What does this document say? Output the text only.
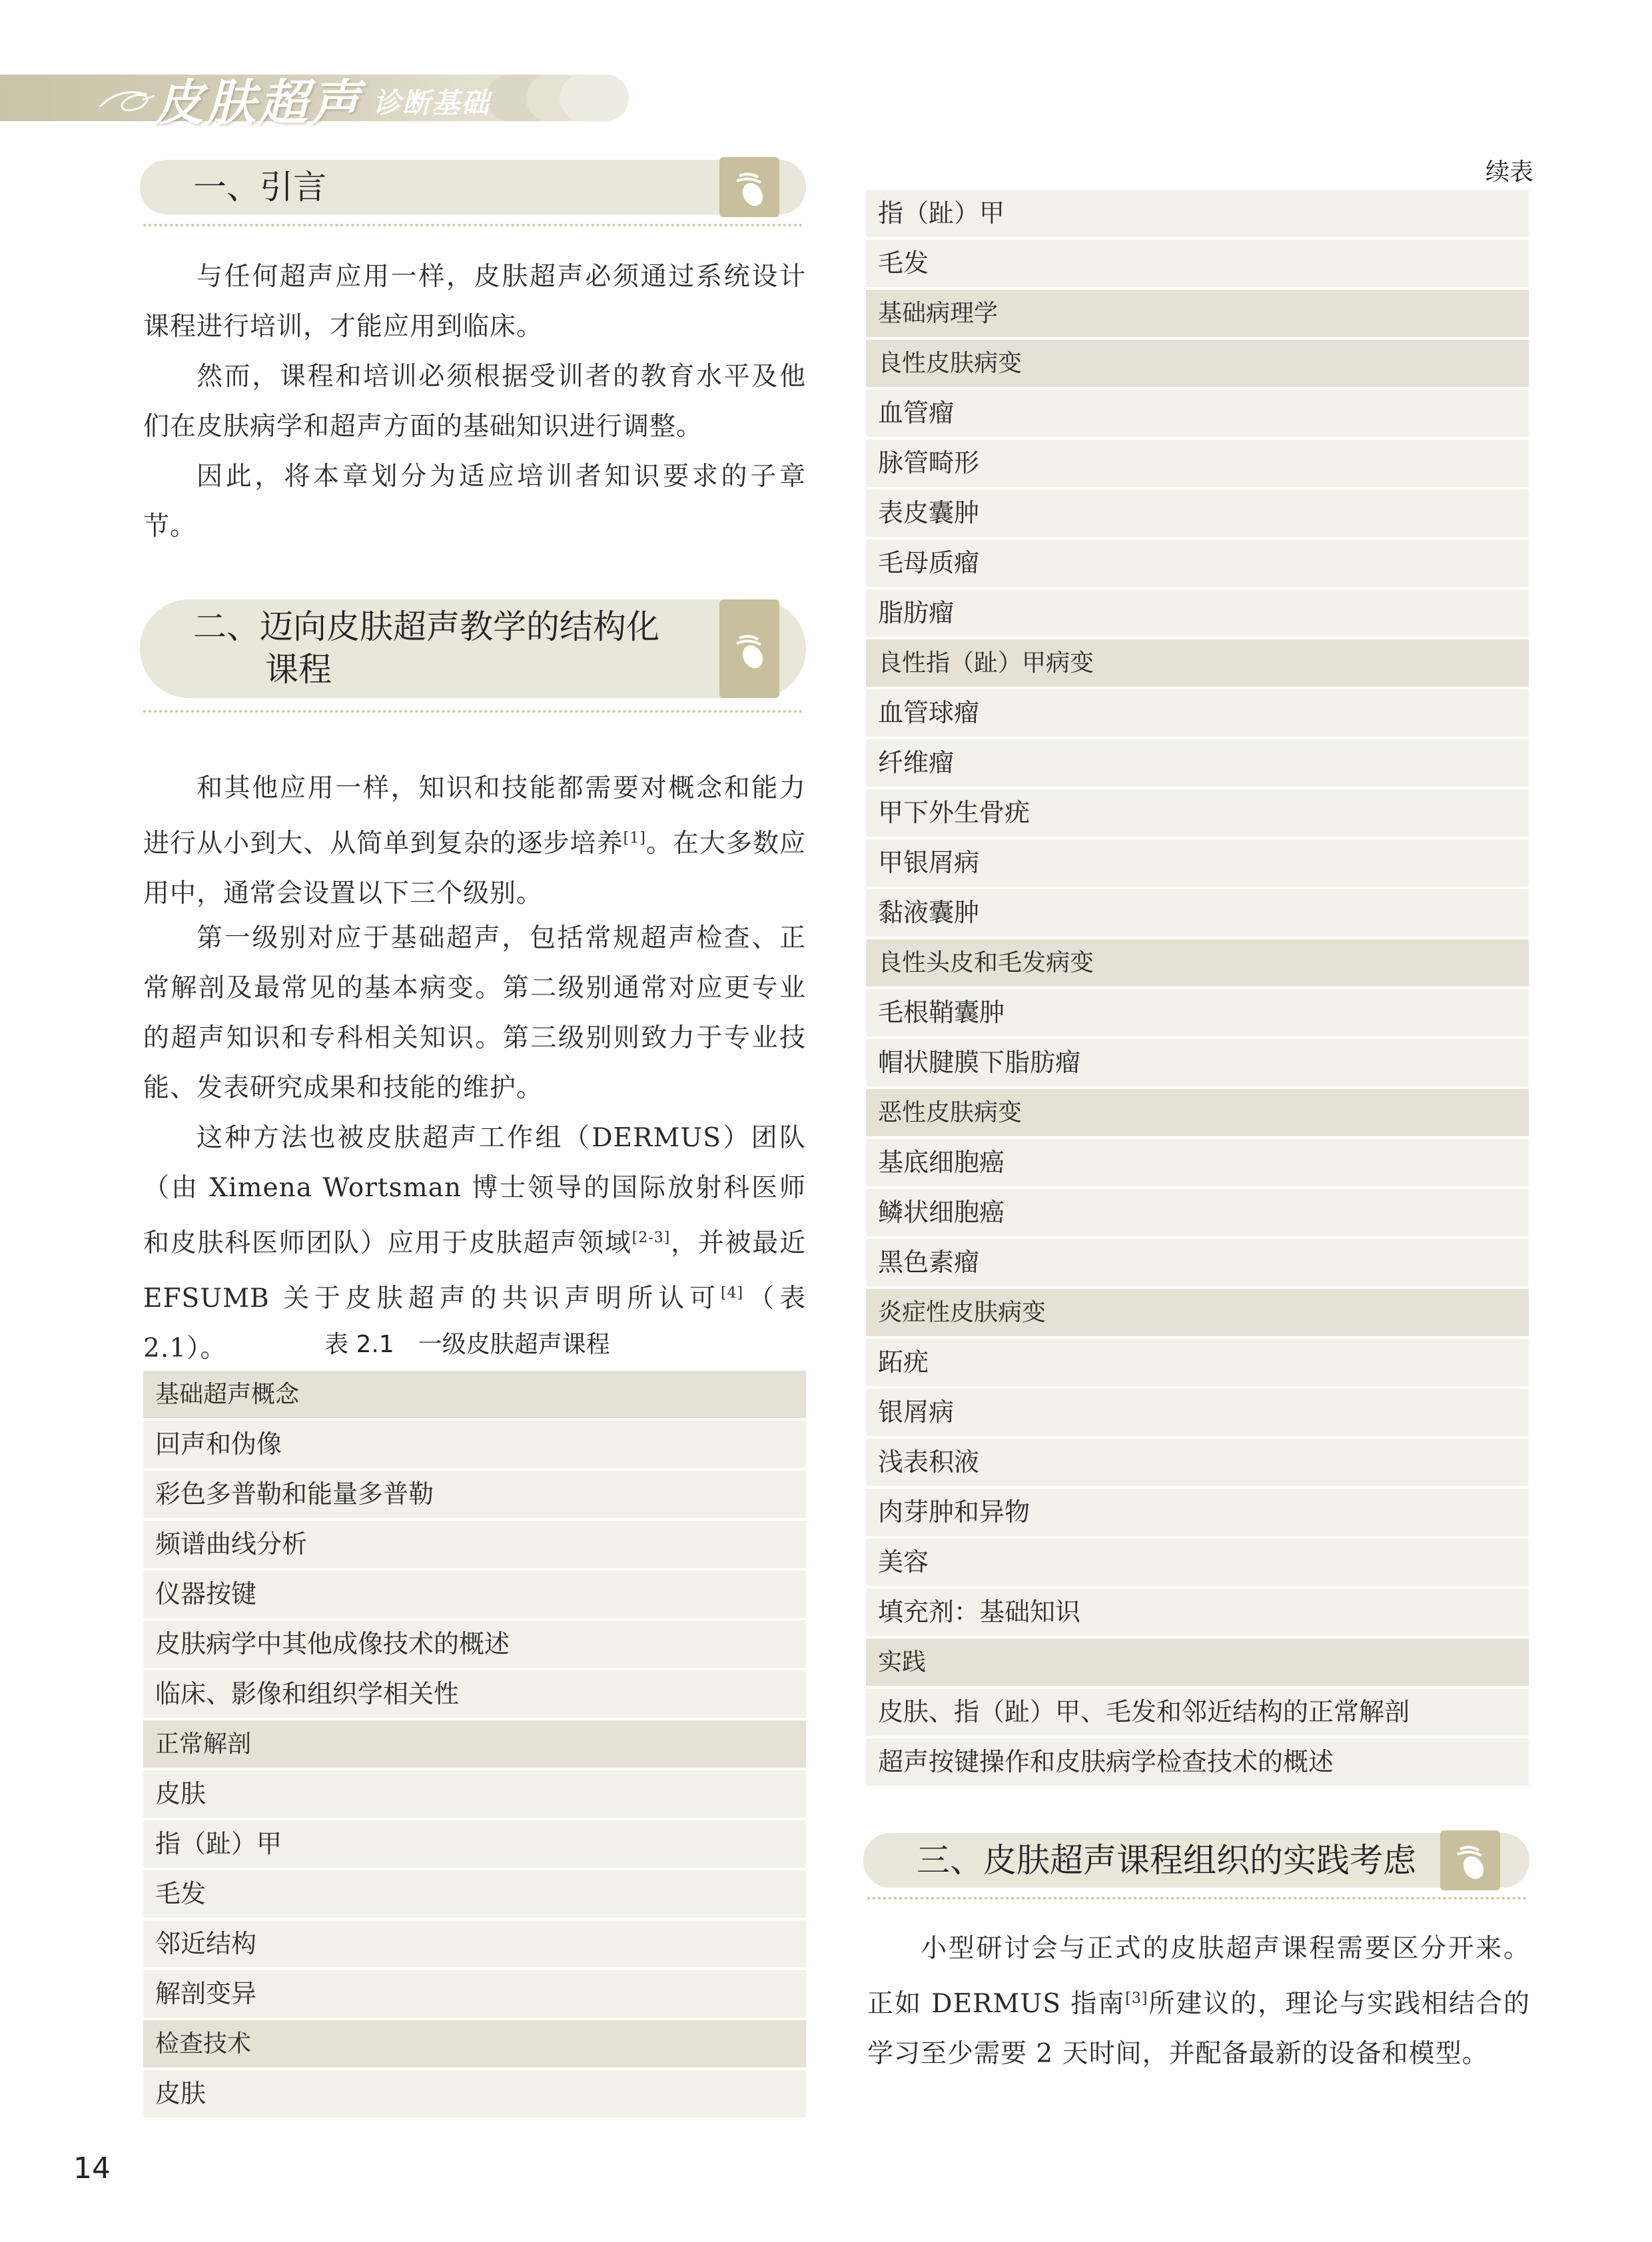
皮肤超声 诊断基础
一、引言

与任何超声应用一样，皮肤超声必须通过系统设计课程进行培训，才能应用到临床。

然而，课程和培训必须根据受训者的教育水平及他们在皮肤病学和超声方面的基础知识进行调整。

因此，将本章划分为适应培训者知识要求的子章节。

二、迈向皮肤超声教学的结构化
课程

和其他应用一样，知识和技能都需要对概念和能力进行从小到大、从简单到复杂的逐步培养[1]。在大多数应用中，通常会设置以下三个级别。

第一级别对应于基础超声，包括常规超声检查、正常解剖及最常见的基本病变。第二级别通常对应更专业的超声知识和专科相关知识。第三级别则致力于专业技能、发表研究成果和技能的维护。

这种方法也被皮肤超声工作组（DERMUS）团队（由 Ximena Wortsman 博士领导的国际放射科医师和皮肤科医师团队）应用于皮肤超声领域[2-3]，并被最近 EFSUMB 关于皮肤超声的共识声明所认可[4]（表 2.1）。	表 2.1　一级皮肤超声课程
基础超声概念
回声和伪像
彩色多普勒和能量多普勒
频谱曲线分析
仪器按键
皮肤病学中其他成像技术的概述
临床、影像和组织学相关性
正常解剖
皮肤
指（趾）甲
毛发
邻近结构
解剖变异
检查技术
皮肤
续表
指（趾）甲
毛发
基础病理学
良性皮肤病变
血管瘤
脉管畸形
表皮囊肿
毛母质瘤
脂肪瘤
良性指（趾）甲病变
血管球瘤
纤维瘤
甲下外生骨疣
甲银屑病
黏液囊肿
良性头皮和毛发病变
毛根鞘囊肿
帽状腱膜下脂肪瘤
恶性皮肤病变
基底细胞癌
鳞状细胞癌
黑色素瘤
炎症性皮肤病变
跖疣
银屑病
浅表积液
肉芽肿和异物
美容
填充剂：基础知识
实践
皮肤、指（趾）甲、毛发和邻近结构的正常解剖
超声按键操作和皮肤病学检查技术的概述
三、皮肤超声课程组织的实践考虑

小型研讨会与正式的皮肤超声课程需要区分开来。正如 DERMUS 指南[3]所建议的，理论与实践相结合的学习至少需要 2 天时间，并配备最新的设备和模型。

14
